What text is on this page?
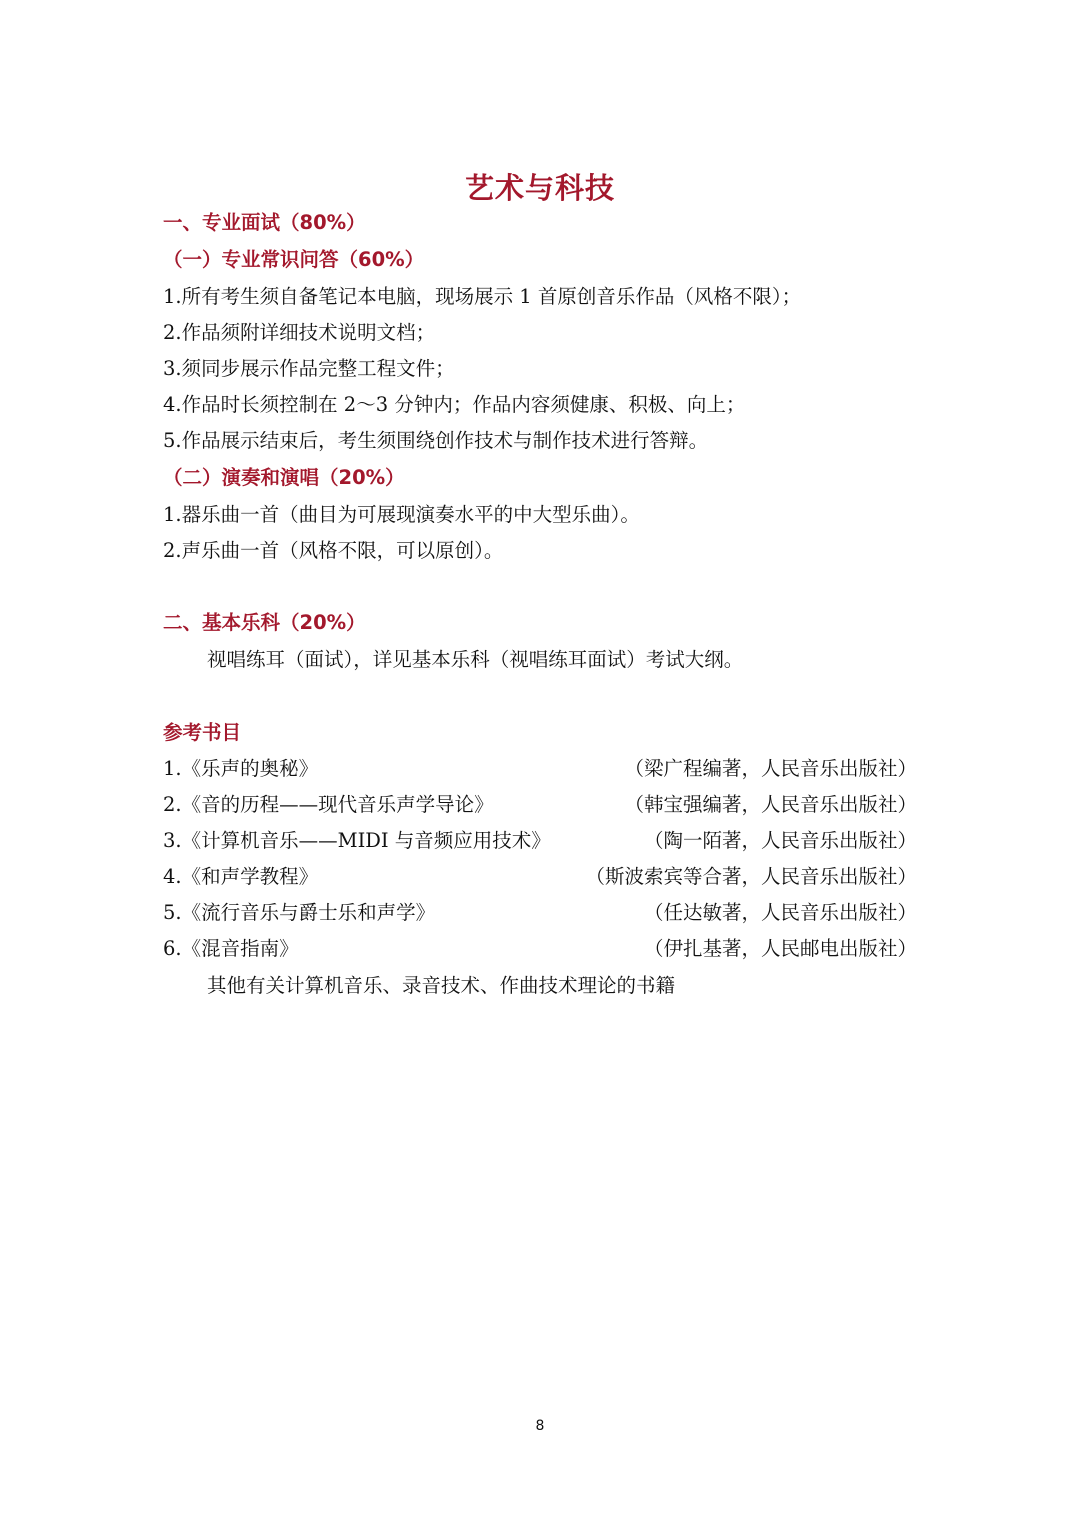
艺术与科技
一、专业面试（80%）
（一）专业常识问答（60%）
1.所有考生须自备笔记本电脑，现场展示 1 首原创音乐作品（风格不限）；
2.作品须附详细技术说明文档；
3.须同步展示作品完整工程文件；
4.作品时长须控制在 2～3 分钟内；作品内容须健康、积极、向上；
5.作品展示结束后，考生须围绕创作技术与制作技术进行答辩。
（二）演奏和演唱（20%）
1.器乐曲一首（曲目为可展现演奏水平的中大型乐曲）。
2.声乐曲一首（风格不限，可以原创）。
二、基本乐科（20%）
视唱练耳（面试），详见基本乐科（视唱练耳面试）考试大纲。
参考书目
1.《乐声的奥秘》	（梁广程编著，人民音乐出版社）
2.《音的历程——现代音乐声学导论》	（韩宝强编著，人民音乐出版社）
3.《计算机音乐——MIDI 与音频应用技术》	（陶一陌著，人民音乐出版社）
4.《和声学教程》	（斯波索宾等合著，人民音乐出版社）
5.《流行音乐与爵士乐和声学》	（任达敏著，人民音乐出版社）
6.《混音指南》	（伊扎基著，人民邮电出版社）
其他有关计算机音乐、录音技术、作曲技术理论的书籍
8
